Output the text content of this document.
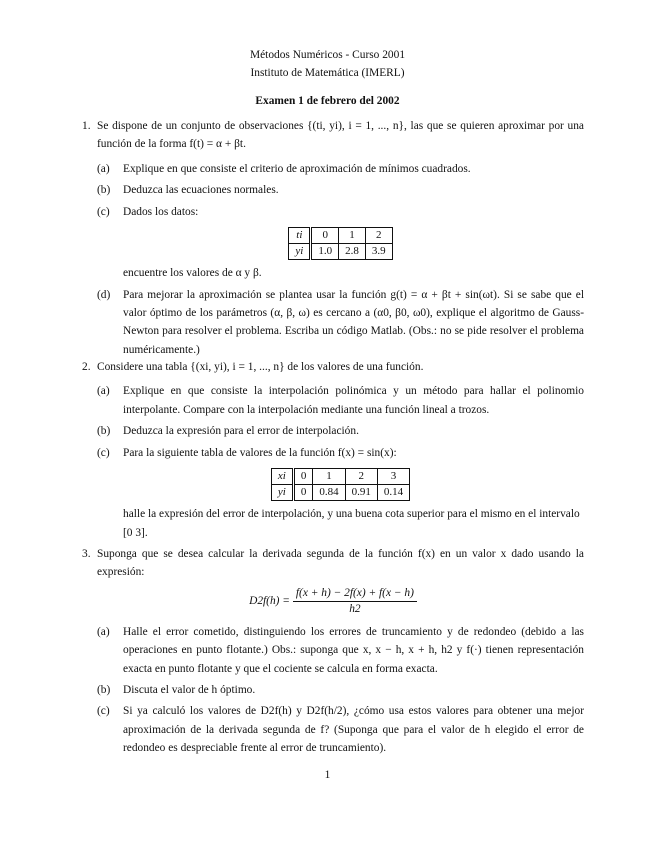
Métodos Numéricos - Curso 2001
Instituto de Matemática (IMERL)
Examen 1 de febrero del 2002
1. Se dispone de un conjunto de observaciones {(ti, yi), i = 1, ..., n}, las que se quieren aproximar por una función de la forma f(t) = α + βt.
(a)	Explique en que consiste el criterio de aproximación de mínimos cuadrados.
(b)	Deduzca las ecuaciones normales.
(c)	Dados los datos:
ti	0	1	2
yi	1.0	2.8	3.9
encuentre los valores de α y β.
(d)	Para mejorar la aproximación se plantea usar la función g(t) = α + βt + sin(ωt). Si se sabe que el valor óptimo de los parámetros (α, β, ω) es cercano a (α0, β0, ω0), explique el algoritmo de Gauss-Newton para resolver el problema. Escriba un código Matlab. (Obs.: no se pide resolver el problema numéricamente.)
2. Considere una tabla {(xi, yi), i = 1, ..., n} de los valores de una función.
(a)	Explique en que consiste la interpolación polinómica y un método para hallar el polinomio interpolante. Compare con la interpolación mediante una función lineal a trozos.
(b)	Deduzca la expresión para el error de interpolación.
(c)	Para la siguiente tabla de valores de la función f(x) = sin(x):
xi	0	1	2	3
yi	0	0.84	0.91	0.14
halle la expresión del error de interpolación, y una buena cota superior para el mismo en el intervalo [0 3].
3. Suponga que se desea calcular la derivada segunda de la función f(x) en un valor x dado usando la expresión:
$D2f(h) = \frac{f(x + h) - 2f(x) + f(x - h)}{h2}$
(a)	Halle el error cometido, distinguiendo los errores de truncamiento y de redondeo (debido a las operaciones en punto flotante.) Obs.: suponga que x, x − h, x + h, h2 y f(·) tienen representación exacta en punto flotante y que el cociente se calcula en forma exacta.
(b)	Discuta el valor de h óptimo.
(c)	Si ya calculó los valores de D2f(h) y D2f(h/2), ¿cómo usa estos valores para obtener una mejor aproximación de la derivada segunda de f? (Suponga que para el valor de h elegido el error de redondeo es despreciable frente al error de truncamiento).
1
